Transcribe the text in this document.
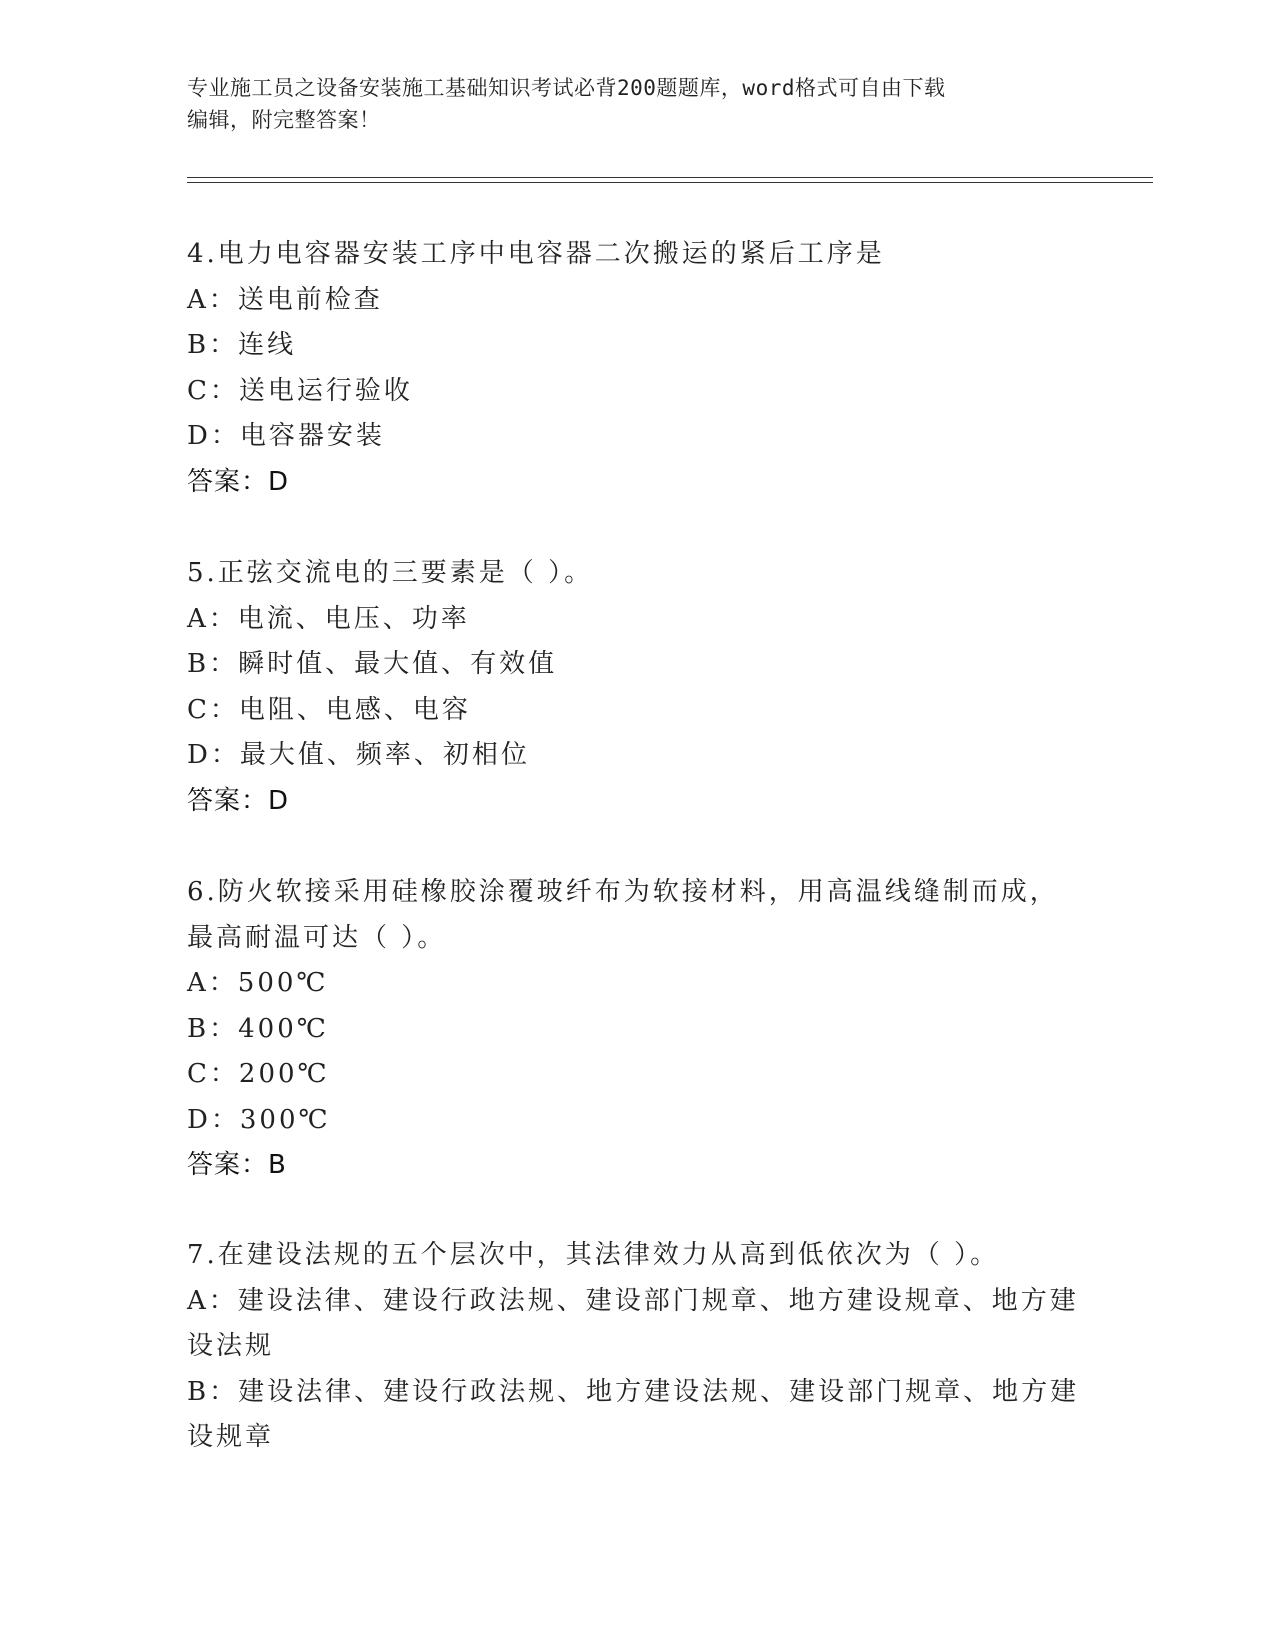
专业施工员之设备安装施工基础知识考试必背200题题库，word格式可自由下载
编辑，附完整答案！

4.电力电容器安装工序中电容器二次搬运的紧后工序是

A：送电前检查

B：连线

C：送电运行验收

D：电容器安装

答案：D

5.正弦交流电的三要素是（ ）。

A：电流、电压、功率

B：瞬时值、最大值、有效值

C：电阻、电感、电容

D：最大值、频率、初相位

答案：D

6.防火软接采用硅橡胶涂覆玻纤布为软接材料，用高温线缝制而成，最高耐温可达（ ）。

A：500℃

B：400℃

C：200℃

D：300℃

答案：B

7.在建设法规的五个层次中，其法律效力从高到低依次为（ ）。

A：建设法律、建设行政法规、建设部门规章、地方建设规章、地方建设法规

B：建设法律、建设行政法规、地方建设法规、建设部门规章、地方建设规章
